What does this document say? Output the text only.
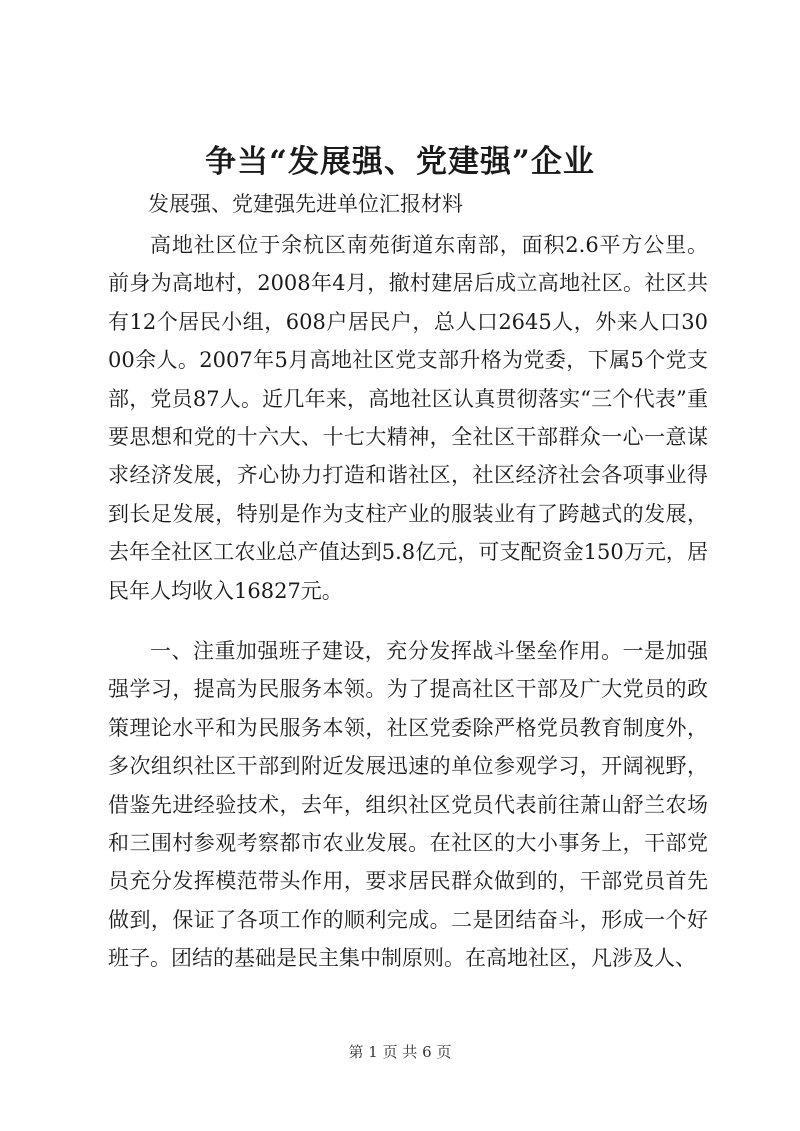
争当“发展强、党建强”企业

发展强、党建强先进单位汇报材料

高地社区位于余杭区南苑街道东南部，面积2.6平方公里。前身为高地村，2008年4月，撤村建居后成立高地社区。社区共有12个居民小组，608户居民户，总人口2645人，外来人口3000余人。2007年5月高地社区党支部升格为党委，下属5个党支部，党员87人。近几年来，高地社区认真贯彻落实“三个代表”重要思想和党的十六大、十七大精神，全社区干部群众一心一意谋求经济发展，齐心协力打造和谐社区，社区经济社会各项事业得到长足发展，特别是作为支柱产业的服装业有了跨越式的发展，去年全社区工农业总产值达到5.8亿元，可支配资金150万元，居民年人均收入16827元。

一、注重加强班子建设，充分发挥战斗堡垒作用。一是加强强学习，提高为民服务本领。为了提高社区干部及广大党员的政策理论水平和为民服务本领，社区党委除严格党员教育制度外，多次组织社区干部到附近发展迅速的单位参观学习，开阔视野，借鉴先进经验技术，去年，组织社区党员代表前往萧山舒兰农场和三围村参观考察都市农业发展。在社区的大小事务上，干部党员充分发挥模范带头作用，要求居民群众做到的，干部党员首先做到，保证了各项工作的顺利完成。二是团结奋斗，形成一个好班子。团结的基础是民主集中制原则。在高地社区，凡涉及人、

第 1 页 共 6 页
